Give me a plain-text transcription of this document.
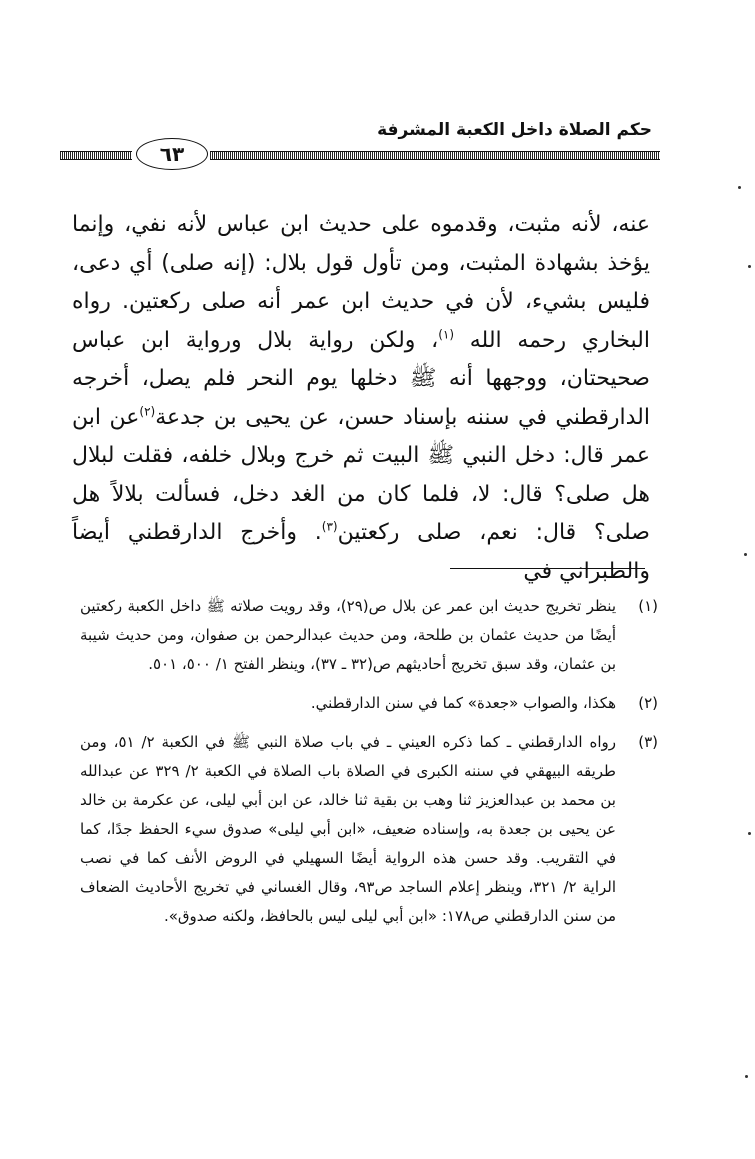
٦٣
حكم الصلاة داخل الكعبة المشرفة

عنه، لأنه مثبت، وقدموه على حديث ابن عباس لأنه نفي، وإنما يؤخذ بشهادة المثبت، ومن تأول قول بلال: (إنه صلى) أي دعى، فليس بشيء، لأن في حديث ابن عمر أنه صلى ركعتين. رواه البخاري رحمه الله $^{(١)}$، ولكن رواية بلال ورواية ابن عباس صحيحتان، ووجهها أنه ﷺ دخلها يوم النحر فلم يصل، أخرجه الدارقطني في سننه بإسناد حسن، عن يحيى بن جدعة$^{(٢)}$عن ابن عمر قال: دخل النبي ﷺ البيت ثم خرج وبلال خلفه، فقلت لبلال هل صلى؟ قال: لا، فلما كان من الغد دخل، فسألت بلالاً هل صلى؟ قال: نعم، صلى ركعتين$^{(٣)}$. وأخرج الدارقطني أيضاً والطبراني في

(١)
ينظر تخريج حديث ابن عمر عن بلال ص(٢٩)، وقد رويت صلاته ﷺ داخل الكعبة ركعتين أيضًا من حديث عثمان بن طلحة، ومن حديث عبدالرحمن بن صفوان، ومن حديث شيبة بن عثمان، وقد سبق تخريج أحاديثهم ص(٣٢ ـ ٣٧)، وينظر الفتح ١/ ٥٠٠، ٥٠١.
(٢)
هكذا، والصواب «جعدة» كما في سنن الدارقطني.
(٣)
رواه الدارقطني ـ كما ذكره العيني ـ في باب صلاة النبي ﷺ في الكعبة ٢/ ٥١، ومن طريقه البيهقي في سننه الكبرى في الصلاة باب الصلاة في الكعبة ٢/ ٣٢٩ عن عبدالله بن محمد بن عبدالعزيز ثنا وهب بن بقية ثنا خالد، عن ابن أبي ليلى، عن عكرمة بن خالد عن يحيى بن جعدة به، وإسناده ضعيف، «ابن أبي ليلى» صدوق سيء الحفظ جدًا، كما في التقريب. وقد حسن هذه الرواية أيضًا السهيلي في الروض الأنف كما في نصب الراية ٢/ ٣٢١، وينظر إعلام الساجد ص٩٣، وقال الغساني في تخريج الأحاديث الضعاف من سنن الدارقطني ص١٧٨: «ابن أبي ليلى ليس بالحافظ، ولكنه صدوق».
